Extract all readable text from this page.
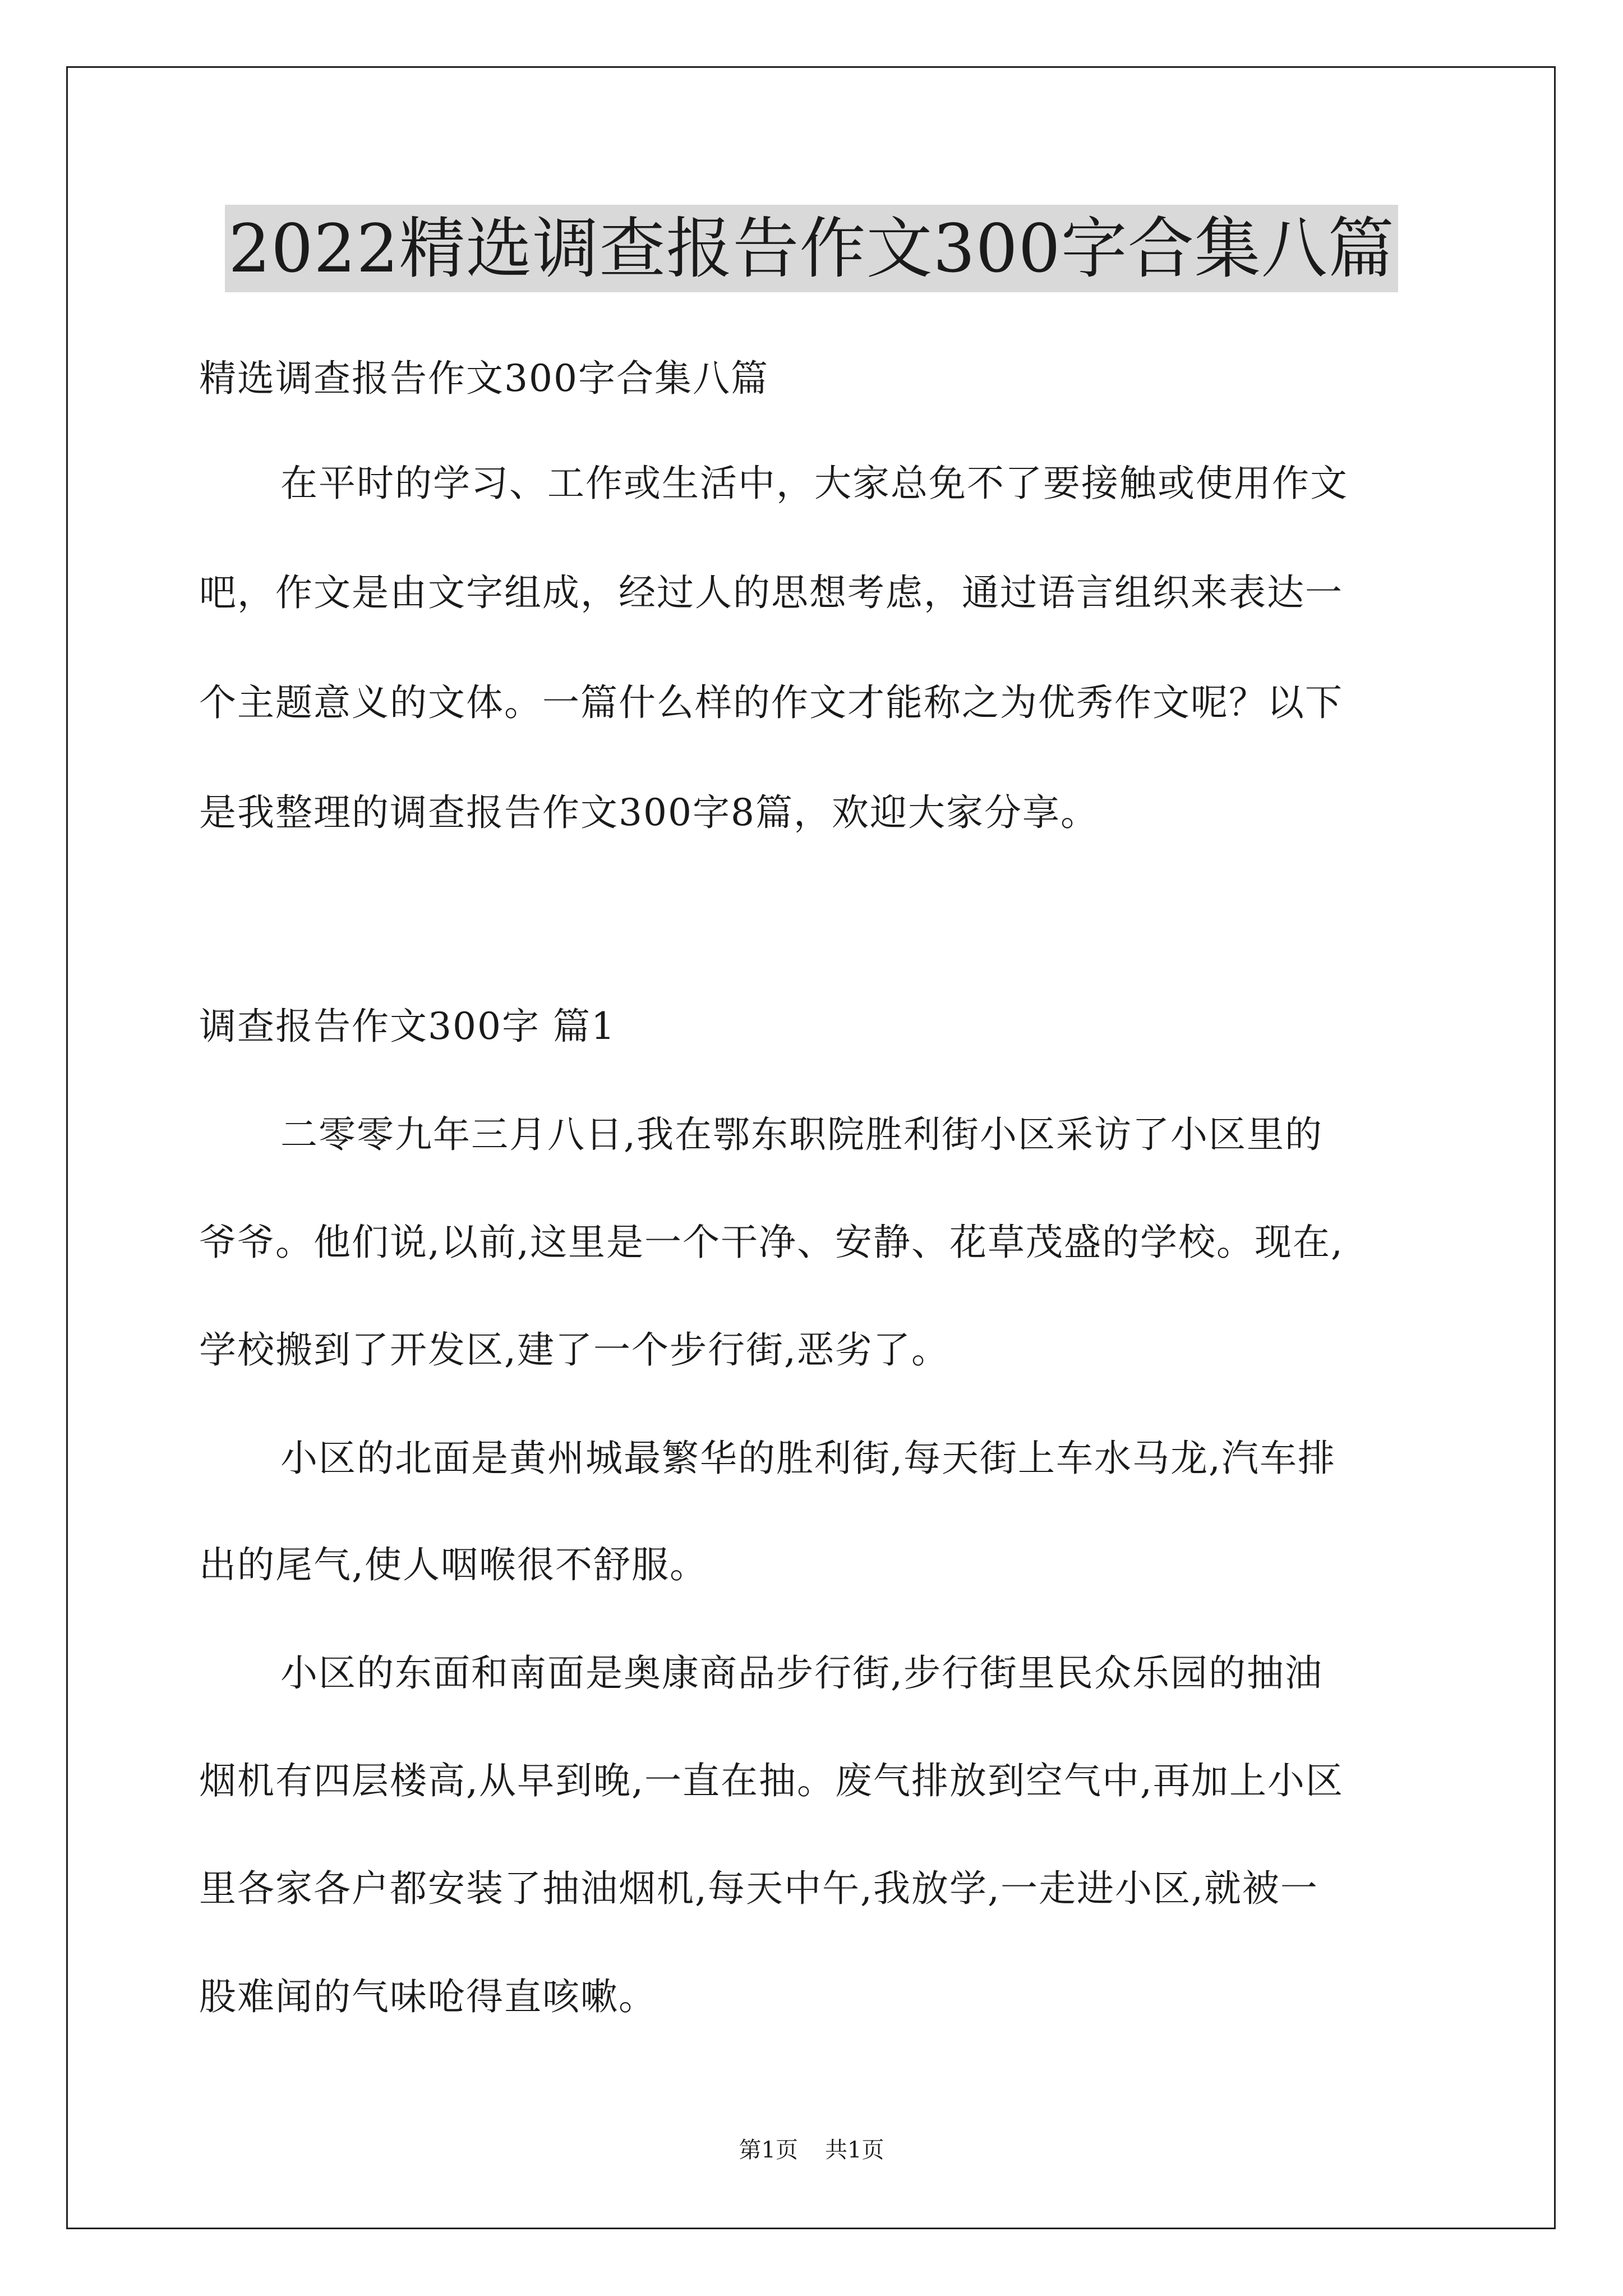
2022精选调查报告作文300字合集八篇
精选调查报告作文300字合集八篇
在平时的学习、工作或生活中，大家总免不了要接触或使用作文
吧，作文是由文字组成，经过人的思想考虑，通过语言组织来表达一
个主题意义的文体。一篇什么样的作文才能称之为优秀作文呢？以下
是我整理的调查报告作文300字8篇，欢迎大家分享。
调查报告作文300字 篇1
二零零九年三月八日,我在鄂东职院胜利街小区采访了小区里的
爷爷。他们说,以前,这里是一个干净、安静、花草茂盛的学校。现在,
学校搬到了开发区,建了一个步行街,恶劣了。
小区的北面是黄州城最繁华的胜利街,每天街上车水马龙,汽车排
出的尾气,使人咽喉很不舒服。
小区的东面和南面是奥康商品步行街,步行街里民众乐园的抽油
烟机有四层楼高,从早到晚,一直在抽。废气排放到空气中,再加上小区
里各家各户都安装了抽油烟机,每天中午,我放学,一走进小区,就被一
股难闻的气味呛得直咳嗽。
第1页 共1页
